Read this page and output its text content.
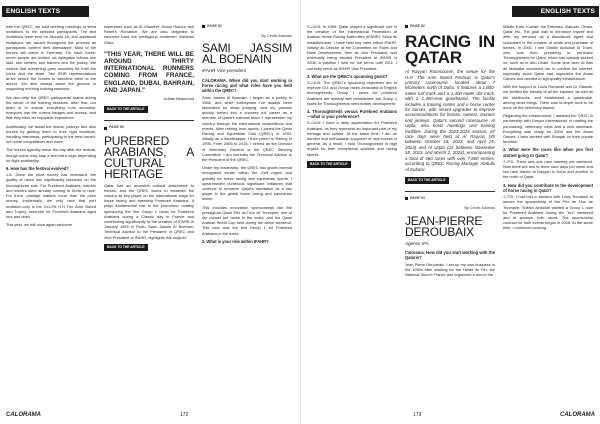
ENGLISH TEXTS

with the QREC, we hold working meetings to send invitations to the selected participants. The first invitations were sent on January 16, and additional invitations are issued throughout the process as participants confirm their attendance. Most of the horses will arrive in February. For each horse, seven people are invited: six delegates follows two lads, two owners, two trainers and the jockey. We ensure that everything goes smoothly for both the horse and the team. Two IFHR representatives arrive before the horses to welcome them at the airport. We also always assist the grooms in organizing morning training sessions.

We also help the QREC participants' teams during the whole of the training sessions. After that, our team is to ensure everything runs smoothly: everyone has the correct badges and access, and that they have an enjoyable experience.

Additionally, we assist the teams, jockeys and also horses by guiding them to their right locations, handling interviews, participating in the best-turned-out horse competitions and more.

The horses typically leave the day after the festival, though some may stay a few extra days depending on flight availability.

6. How has the festival evolved?

J.A. Since the prize money has increased, the quality of races has significantly improved on the thoroughbred side. For Purebred Arabians, trainers and owners were already coming to Doha to race. For them, prestige matters more than the prize money. Incidentally, the only race that isn't invitation-only is the Gr1-PA H.H The Amir Sword and Trophy, reserved for Purebred Arabians aged four and older.

This year, we will once again welcome

superstars such as Al Ghadeer, Dubai Honour and Rebel's Romance. We are also delighted to welcome back the prestigious contender Sisfahan Glare.

"THIS YEAR, THERE WILL BE AROUND THIRTY INTERNATIONAL RUNNERS COMING FROM FRANCE, ENGLAND, DUBAI, BAHRAIN, AND JAPAN."
Adrian Beaumont
BACK TO THE ARTICLE
PAGE 90
PUREBRED ARABIANS, A CULTURAL HERITAGE

Qatar has an ancestral cultural attachment to horses, and the QREC works to establish the country as key player on the international stage for horse racing and breeding Purebred Arabians. It plays fundamental role in the promotion, notably sponsoring the first Group 1 races for Purebred Arabians during a Classic day in France and contributing significantly to the creation of IFAHR in January 1999 in Paris. Sami Jassim Al Boenain, Technical Advisor to the President of QREC and Vice-President of IFAHR, highlights this support.

BACK TO THE ARTICLE
PAGE 91
By Cécile Adonias
SAMI JASSIM AL BOENAIN
IFAHR Vice-president
CALORAMA. When did you start working in horse racing and what roles have you held within the QREC?

Sami Jassim Al Boenain. I began as a jockey in 1988, and while fortheyears I've always been fascinated by show jumping, and my passion quickly turned into a success full career as a member of Qatar's national team. I represented my country through the international competitions and events. After retiring from sports, I joined the Qatar Racing and Equestrian Club (QREC) in 1993, initially as a handicapper. I then joined in Racing in 1995. From 2006 to 2015, I served as the Director of Veterinary General of the QREC Steering Committee. I am currently the Technical Advisor to the President of the QREC.

Under my leadership, the QREC has grown internal recognized center within the Gulf region and globally for horse racing and equestrian sports. I spearheaded numerous significant initiatives that continue to enhance Qatar's reputation as a key player in the global horse racing and equestrian scene.

This includes innovative sponsorships like the prestigious Qatar Prix de l'Arc de Triomphe, one of the richest turf races in the world, and the Qatar Arabian World Cup held during the same weekend. This race was the first Group 1 for Purebred Arabians in the world.

2. What is your role within IFAHR?
CALORAMA	172
ENGLISH TEXTS

S.J.A.B. In 1999, Qatar played a significant role in the creation of the International Federation of Arabian Horse Racing Authorities (IFAHR). Since its establishment, I have held key roles within IFAHR, initially as Director of the Committee for Rules and Race Development, then as Vice President, and eventually being elected President of IFAHR in 2008, a position I held for the terms until 2011. I currently serve as IFAHR Vice President.

3. What are the QREC's upcoming goals?

S.J.A.B. The QREC's upcoming objectives are to improve Gr1 and Group races dedicated to English thoroughbreds. Group 1 races for purebred Arabians are already well established, but Group 1 races for Thoroughbreds need further development.

4. Thoroughbreds versus Purebred Arabians—what is your preference?

S.J.A.B. I have a deep appreciation for Purebred Arabians, as they represent an important part of my heritage and culture. At the same time, I am an admirer and enthusiastic supporter of race horses in general. As a result, I hold Thoroughbreds in high regard for their exceptional qualities and racing talents.

BACK TO THE ARTICLE
PAGE 92
RACING IN QATAR
Al Rayyan Racecourse, the venue for the H.H. The Amir Sword Festival, is Qatar's primary racecourse, located about 7 kilometers north of Doha. It features a 1,800-meter turf track and a 1,400-meter dirt track, with a 1,400-seat grandstand. The facility includes a training center and a horse center for horses, with recent upgrades to improve accommodations for horses, owners, trainers and jockeys. Qatar's second racecourse, Al Uqda, also hosts meetings and training facilities. During the 2023-2024 season, 67 race days were held at Al Rayyan (45 between October 18, 2023, and April 25, 2024) and Al Uqda (22 between November 18, 2023, and March 2, 2024), encompassing a total of 560 races with over 7,800 entries, according to QREC Racing Manager Abdulla Al Kubaisi.
BACK TO THE ARTICLE
PAGE 94
By Cécile Adonias
JEAN-PIERRE DEROUBAIX
Agence IFA
Calorama. How did you start working with the Qataris?

Jean-Pierre Deroubaix. I set up my own business in the 1990s after working for the Haras du Pin, the National Stud in France and organized a tour in the

Middle East: Kuwait, the Emirates, Bahrain, Oman, Qatar etc. The goal was to introduce myself and offer my services as a bloodstock agent and consultant in the creation of studs and purchase of horses. In 2000, I met Sheikh Abdullah Al Thani, who was then preparing to purchase Thoroughbreds for Qatar, which had already worked on, such as in Abu Dhabi. Some time later, Al Ban de Malwalla contacted me to confirm the interest, especially since Qatar had organized the Asian Games and needed a high-quality infrastructure.

With the support of Louis Romanet and Dr Olwade, we verified the identity of all the equines, as well as the studbooks, and established a quarantine, among other things. There was in-depth work to be done on the veterinary aspect.

Regarding the infrastructure, I assisted the QREC in partnership with Gregor International, in rotating the purchasing, veterinary clinic and a new racetrack. Everything was ready for 2006 and the Asian Games. I later worked with Shaqab on their private facilities.

2. What were the races like when you first started going to Qatar?

J.-P.D. There was one race meeting per weekend. Now there are two to three race days per week and two race tracks: Al Rayyan in Doha and another in the north of Qatar.

3. How did you contribute to the development of horse racing in Qatar?

J.-P.D. I had met in tandem with Louis Romanet to secure the sponsorship of the Prix de l'Arc de Triomphe. Sheikh Abdullah wanted a Group 1 race for Purebred Arabians during the "Arc" weekend and to sponsor both races. The sponsorship contract for both events began in 2008. At the same time, I continued working

173	CALORAMA
